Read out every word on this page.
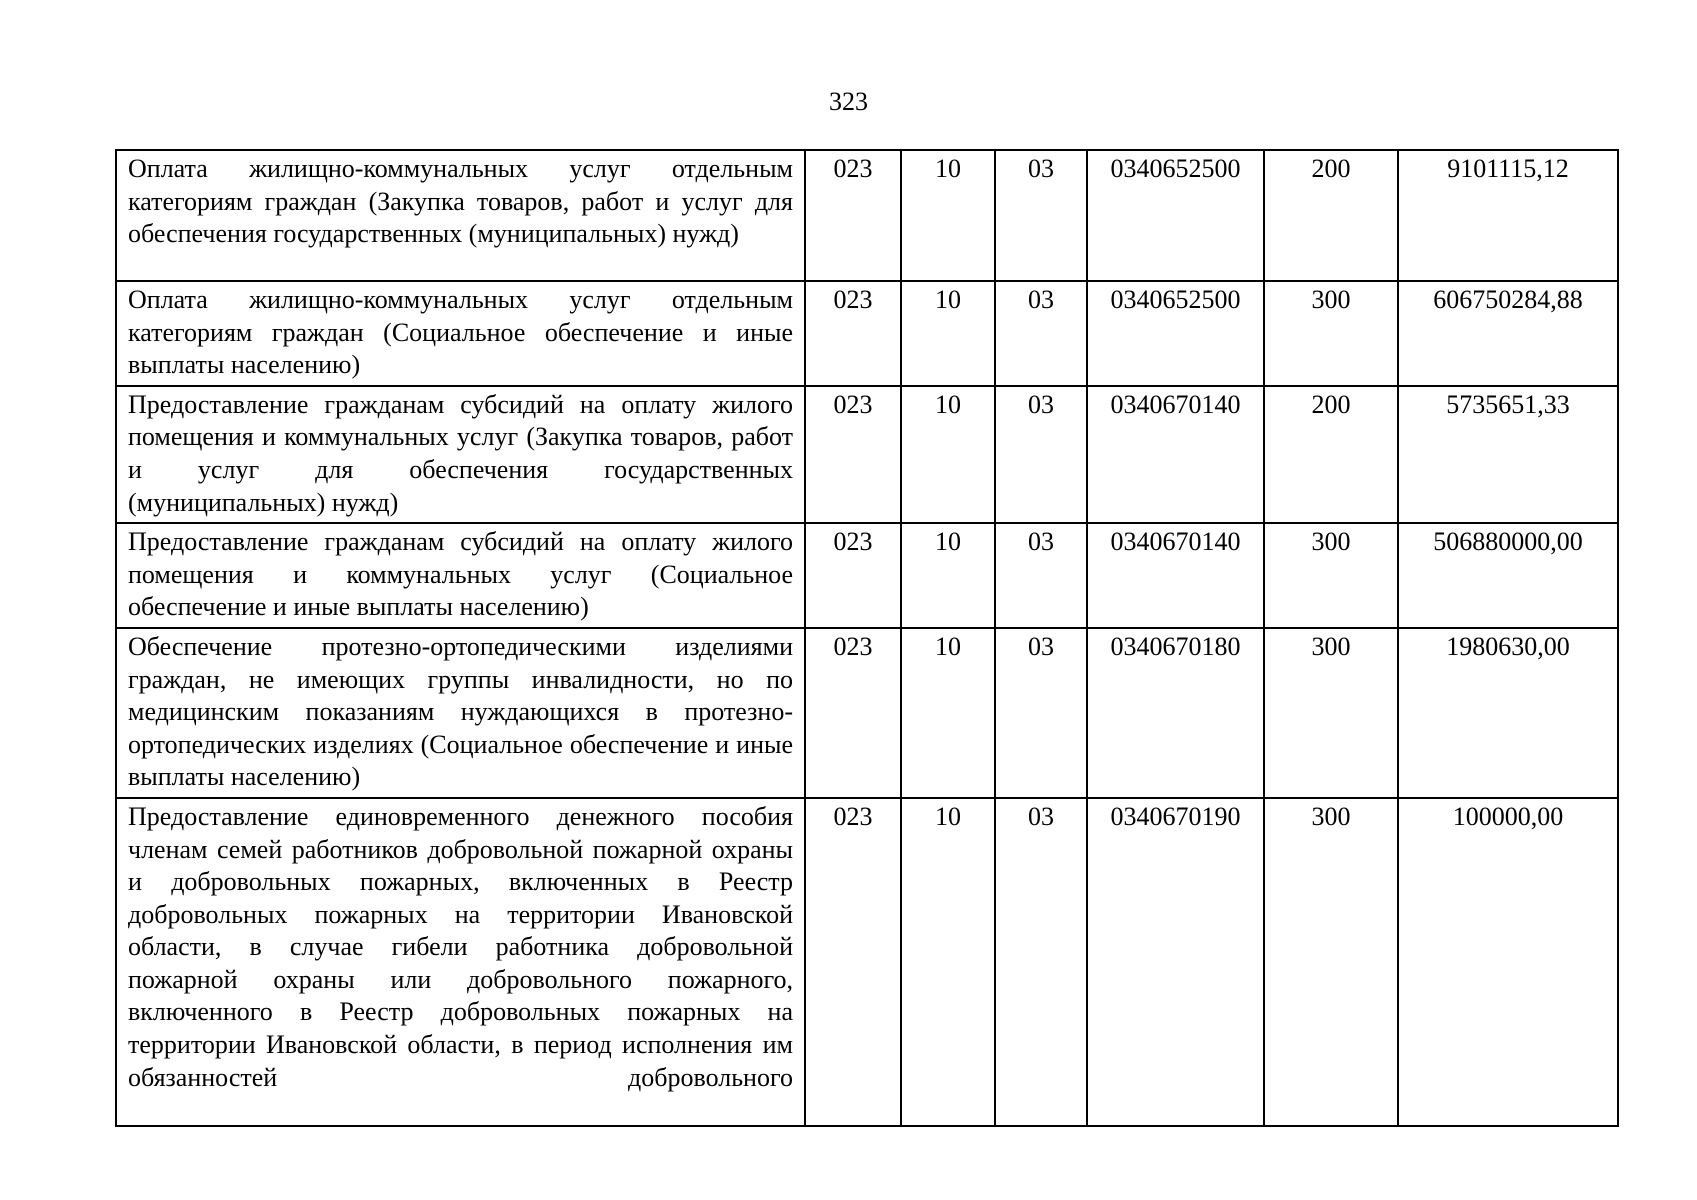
323
Оплата жилищно-коммунальных услуг отдельным категориям граждан (Закупка товаров, работ и услуг для обеспечения государственных (муниципальных) нужд)	023	10	03	0340652500	200	9101115,12
Оплата жилищно-коммунальных услуг отдельным категориям граждан (Социальное обеспечение и иные выплаты населению)	023	10	03	0340652500	300	606750284,88
Предоставление гражданам субсидий на оплату жилого помещения и коммунальных услуг (Закупка товаров, работ и услуг для обеспечения государственных (муниципальных) нужд)	023	10	03	0340670140	200	5735651,33
Предоставление гражданам субсидий на оплату жилого помещения и коммунальных услуг (Социальное обеспечение и иные выплаты населению)	023	10	03	0340670140	300	506880000,00
Обеспечение протезно-ортопедическими изделиями граждан, не имеющих группы инвалидности, но по медицинским показаниям нуждающихся в протезно-ортопедических изделиях (Социальное обеспечение и иные выплаты населению)	023	10	03	0340670180	300	1980630,00
Предоставление единовременного денежного пособия членам семей работников добровольной пожарной охраны и добровольных пожарных, включенных в Реестр добровольных пожарных на территории Ивановской области, в случае гибели работника добровольной пожарной охраны или добровольного пожарного, включенного в Реестр добровольных пожарных на территории Ивановской области, в период исполнения им обязанностей добровольного	023	10	03	0340670190	300	100000,00
